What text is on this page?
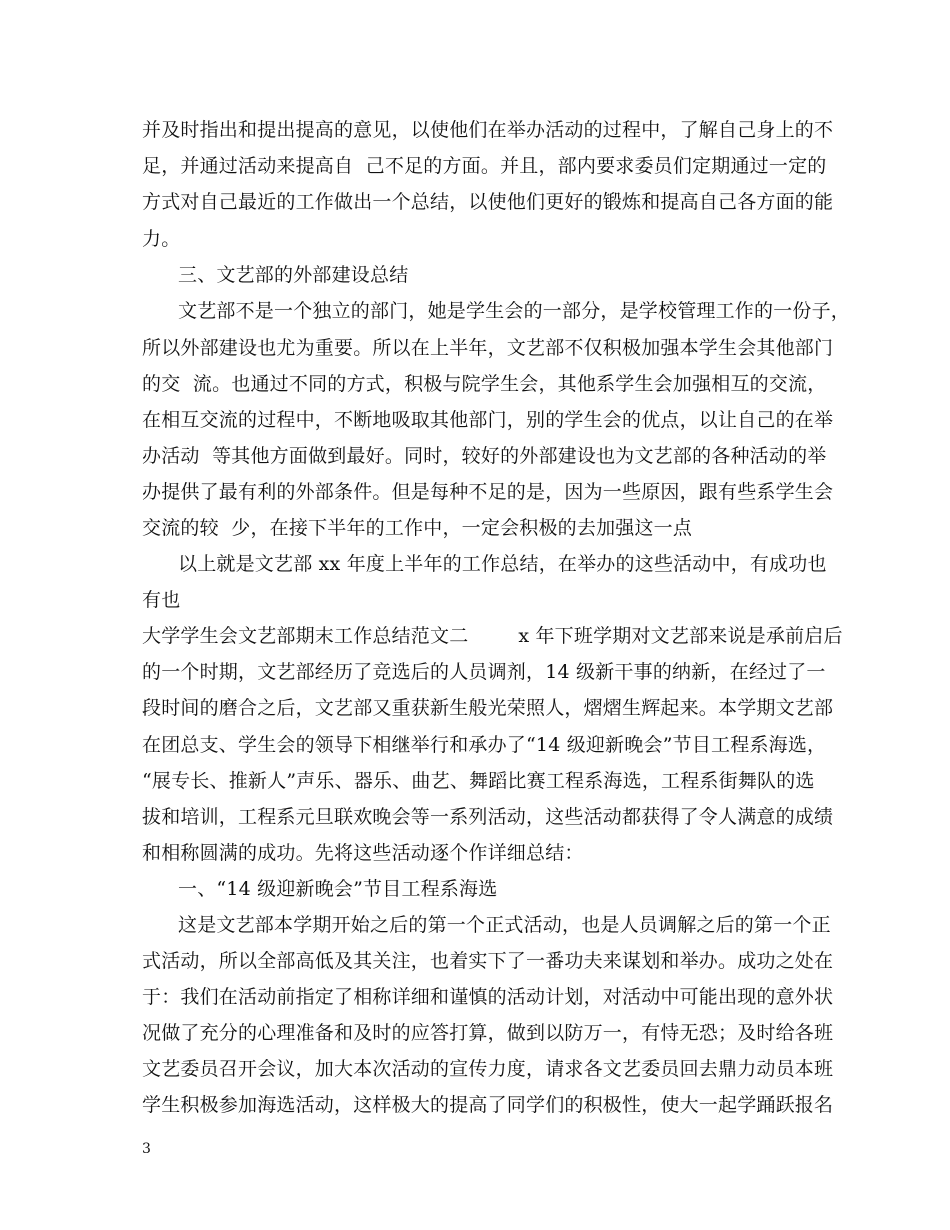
并及时指出和提出提高的意见，以使他们在举办活动的过程中，了解自己身上的不
足，并通过活动来提高自  己不足的方面。并且，部内要求委员们定期通过一定的
方式对自己最近的工作做出一个总结，以使他们更好的锻炼和提高自己各方面的能
力。
三、文艺部的外部建设总结
文艺部不是一个独立的部门，她是学生会的一部分，是学校管理工作的一份子，
所以外部建设也尤为重要。所以在上半年，文艺部不仅积极加强本学生会其他部门
的交  流。也通过不同的方式，积极与院学生会，其他系学生会加强相互的交流，
在相互交流的过程中，不断地吸取其他部门，别的学生会的优点，以让自己的在举
办活动  等其他方面做到最好。同时，较好的外部建设也为文艺部的各种活动的举
办提供了最有利的外部条件。但是每种不足的是，因为一些原因，跟有些系学生会
交流的较  少，在接下半年的工作中，一定会积极的去加强这一点
以上就是文艺部 xx 年度上半年的工作总结，在举办的这些活动中，有成功也
有也
大学学生会文艺部期末工作总结范文二        x 年下班学期对文艺部来说是承前启后
的一个时期，文艺部经历了竞选后的人员调剂，14 级新干事的纳新，在经过了一
段时间的磨合之后，文艺部又重获新生般光荣照人，熠熠生辉起来。本学期文艺部
在团总支、学生会的领导下相继举行和承办了“14 级迎新晚会”节目工程系海选，
“展专长、推新人”声乐、器乐、曲艺、舞蹈比赛工程系海选，工程系街舞队的选
拔和培训，工程系元旦联欢晚会等一系列活动，这些活动都获得了令人满意的成绩
和相称圆满的成功。先将这些活动逐个作详细总结：
一、“14 级迎新晚会”节目工程系海选
这是文艺部本学期开始之后的第一个正式活动，也是人员调解之后的第一个正
式活动，所以全部高低及其关注，也着实下了一番功夫来谋划和举办。成功之处在
于：我们在活动前指定了相称详细和谨慎的活动计划，对活动中可能出现的意外状
况做了充分的心理准备和及时的应答打算，做到以防万一，有恃无恐；及时给各班
文艺委员召开会议，加大本次活动的宣传力度，请求各文艺委员回去鼎力动员本班
学生积极参加海选活动，这样极大的提高了同学们的积极性，使大一起学踊跃报名
3
